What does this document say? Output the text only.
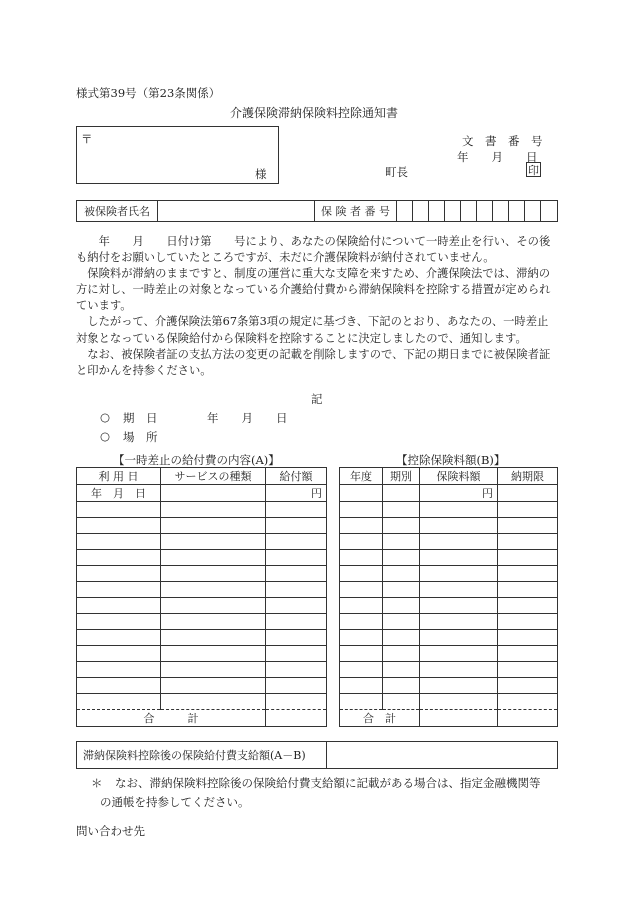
様式第39号（第23条関係）
介護保険滞納保険料控除通知書
〒
様
文　書　番　号
年　　月　　日
町長	印
被保険者氏名		保 険 者 番 号										

　　年　　月　　日付け第　　号により、あなたの保険給付について一時差止を行い、その後も納付をお願いしていたところですが、未だに介護保険料が納付されていません。

　保険料が滞納のままですと、制度の運営に重大な支障を来すため、介護保険法では、滞納の方に対し、一時差止の対象となっている介護給付費から滞納保険料を控除する措置が定められています。

　したがって、介護保険法第67条第3項の規定に基づき、下記のとおり、あなたの、一時差止対象となっている保険給付から保険料を控除することに決定しましたので、通知します。

　なお、被保険者証の支払方法の変更の記載を削除しますので、下記の期日までに被保険者証と印かんを持参ください。

記
○ 期　日	年　　月　　日
○ 場　所
【一時差止の給付費の内容(A)】
利 用 日	サービスの種類	給付額
年　月　日		円

合　　　計		
【控除保険料額(B)】
年度	期別	保険料額	納期限
		円	

合　計			
滞納保険料控除後の保険給付費支給額(A－B)	
＊ なお、滞納保険料控除後の保険給付費支給額に記載がある場合は、指定金融機関等
の通帳を持参してください。
問い合わせ先
